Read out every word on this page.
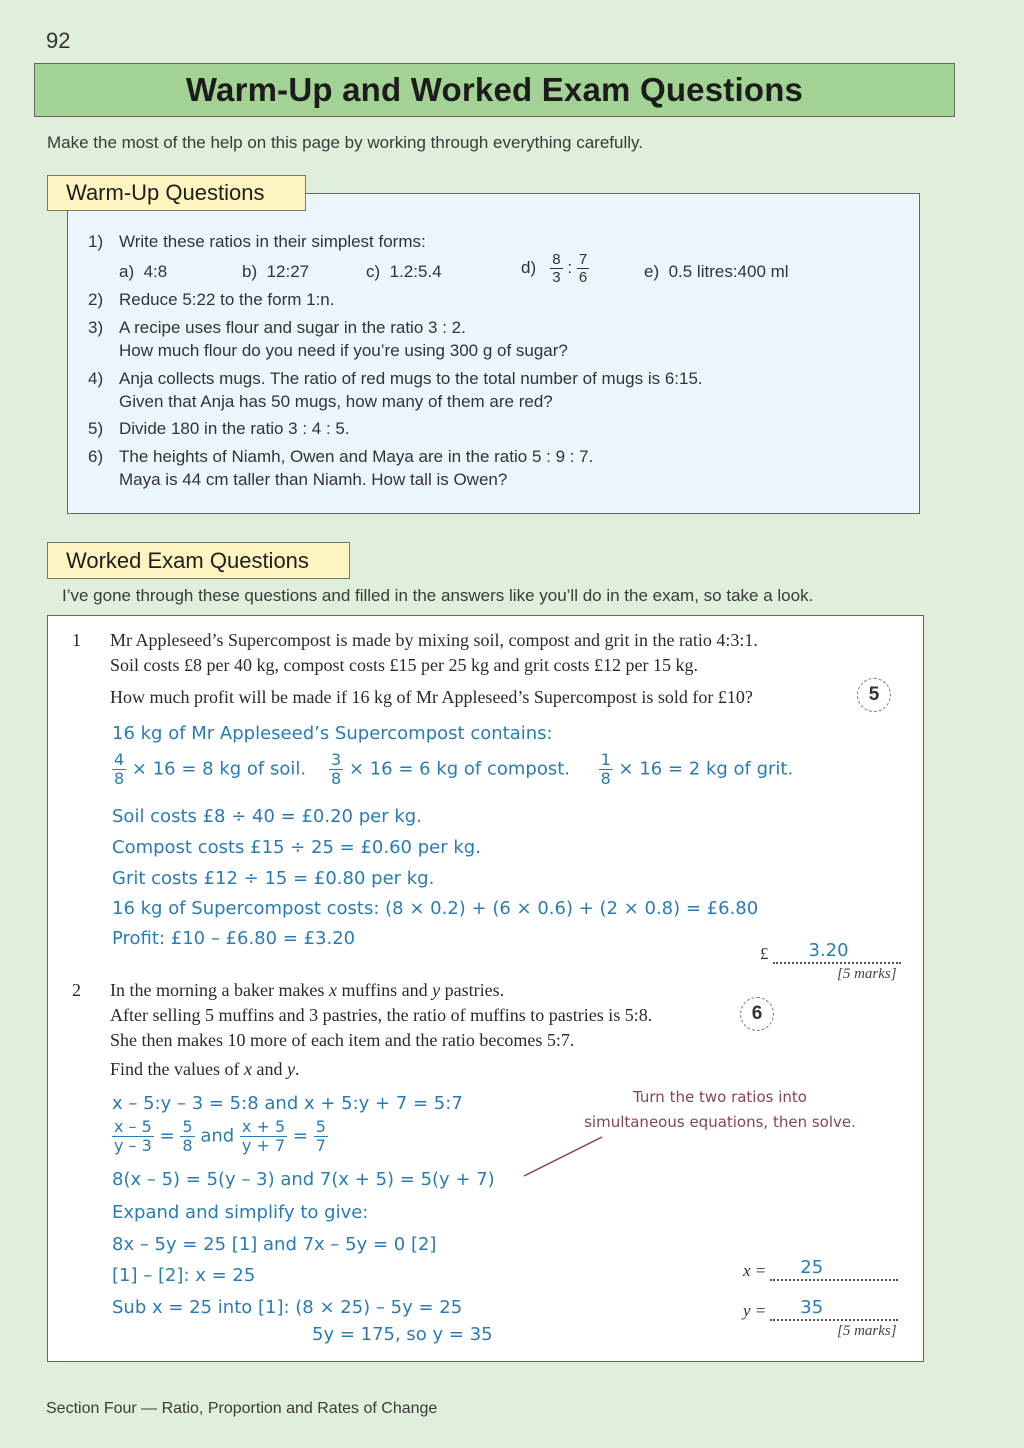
92
Warm-Up and Worked Exam Questions
Make the most of the help on this page by working through everything carefully.
Warm-Up Questions
1) Write these ratios in their simplest forms:
a) 4:8	b) 12:27	c) 1.2:5.4	$d) \frac{8}{3}$ : $\frac{7}{6}$	e) 0.5 litres:400 ml
2) Reduce 5:22 to the form 1:n.
3) A recipe uses flour and sugar in the ratio 3 : 2.
How much flour do you need if you’re using 300 g of sugar?
4) Anja collects mugs. The ratio of red mugs to the total number of mugs is 6:15.
Given that Anja has 50 mugs, how many of them are red?
5) Divide 180 in the ratio 3 : 4 : 5.
6) The heights of Niamh, Owen and Maya are in the ratio 5 : 9 : 7.
Maya is 44 cm taller than Niamh. How tall is Owen?
Worked Exam Questions
I’ve gone through these questions and filled in the answers like you’ll do in the exam, so take a look.
1 Mr Appleseed’s Supercompost is made by mixing soil, compost and grit in the ratio 4:3:1.
Soil costs £8 per 40 kg, compost costs £15 per 25 kg and grit costs £12 per 15 kg.
How much profit will be made if 16 kg of Mr Appleseed’s Supercompost is sold for £10?	5
16 kg of Mr Appleseed’s Supercompost contains:
$\frac{4}{8} \times 16 = 8$ kg of soil. $\frac{3}{8} \times 16 = 6$ kg of compost. $\frac{1}{8} \times 16 = 2$ kg of grit.
Soil costs £8 ÷ 40 = £0.20 per kg.
Compost costs £15 ÷ 25 = £0.60 per kg.
Grit costs £12 ÷ 15 = £0.80 per kg.
16 kg of Supercompost costs: (8 × 0.2) + (6 × 0.6) + (2 × 0.8) = £6.80
Profit: £10 – £6.80 = £3.20
£ 3.20
[5 marks]
2 In the morning a baker makes x muffins and y pastries.
After selling 5 muffins and 3 pastries, the ratio of muffins to pastries is 5:8.	6
She then makes 10 more of each item and the ratio becomes 5:7.
Find the values of x and y.
x – 5:y – 3 = 5:8 and x + 5:y + 7 = 5:7
$\frac{x - 5}{y - 3} = \frac{5}{8}$ and $\frac{x + 5}{y + 7} = \frac{5}{7}$
8(x – 5) = 5(y – 3) and 7(x + 5) = 5(y + 7)
Expand and simplify to give:
8x – 5y = 25 [1] and 7x – 5y = 0 [2]
[1] – [2]: x = 25
Sub x = 25 into [1]: (8 × 25) – 5y = 25
5y = 175, so y = 35
Turn the two ratios into
simultaneous equations, then solve.
x = 25
y = 35
[5 marks]
Section Four — Ratio, Proportion and Rates of Change
